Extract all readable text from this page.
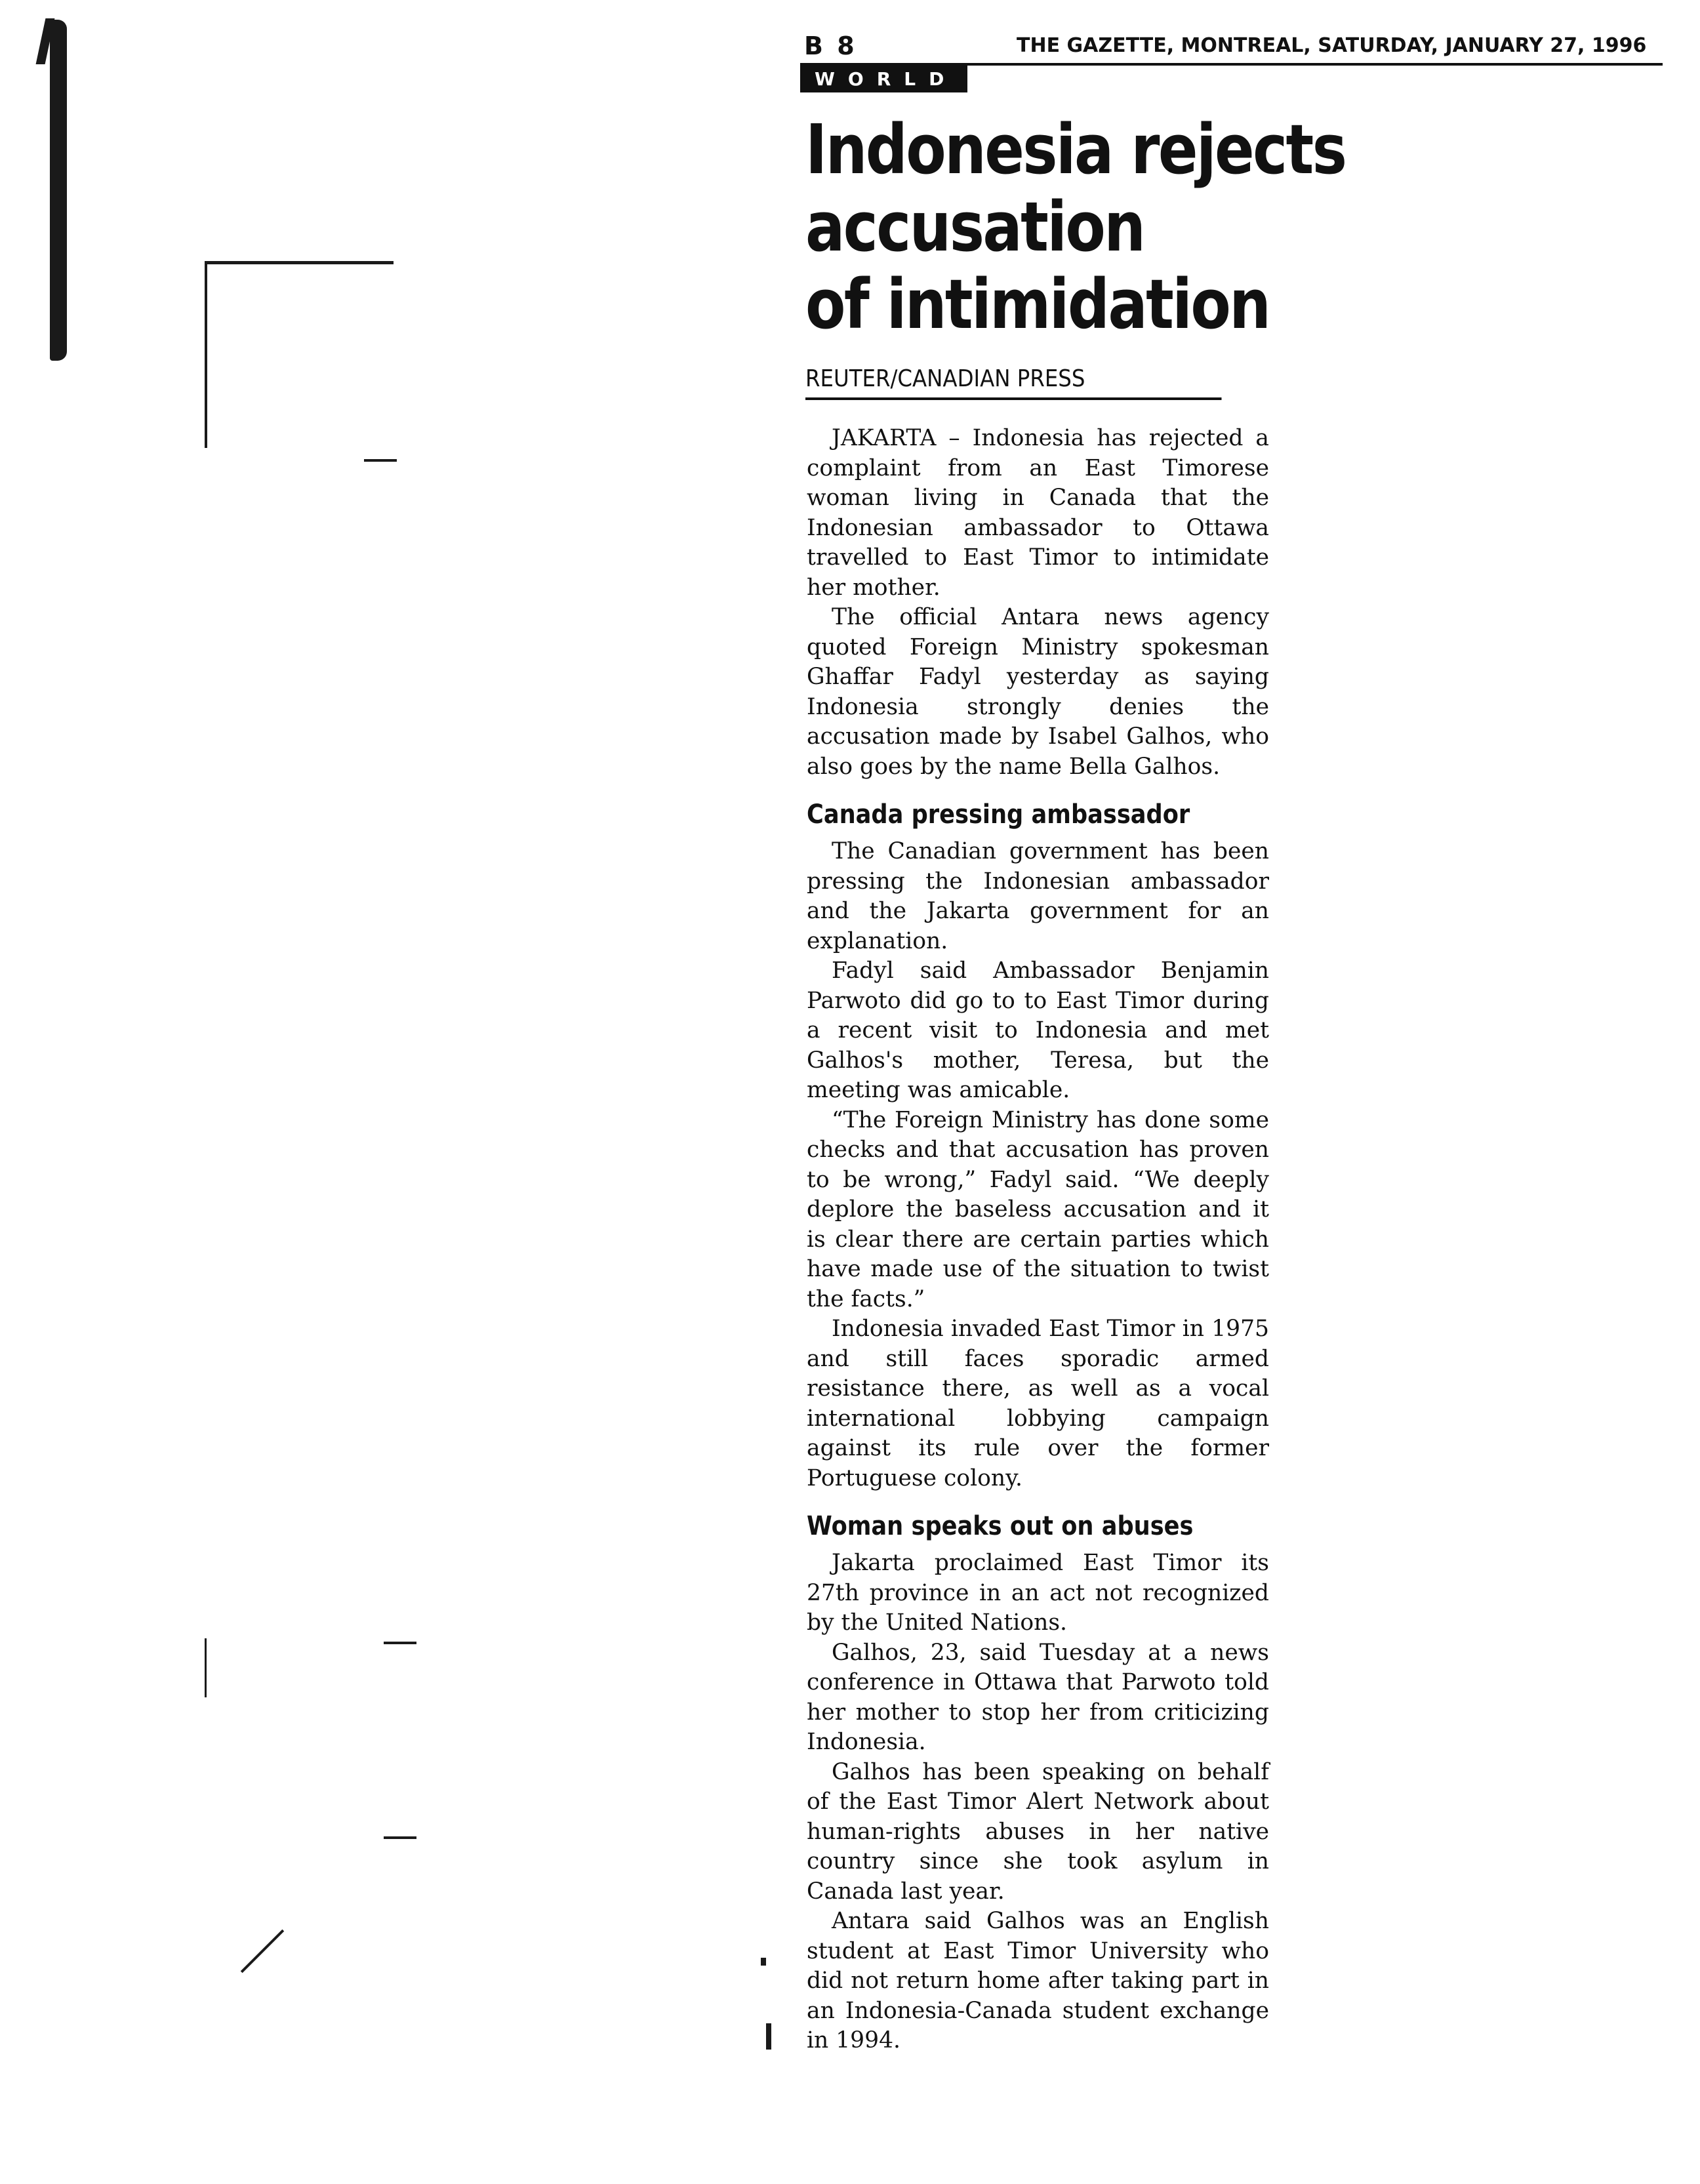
B 8	THE GAZETTE, MONTREAL, SATURDAY, JANUARY 27, 1996
WORLD
Indonesia rejects
accusation
of intimidation
REUTER/CANADIAN PRESS

JAKARTA – Indonesia has rejected a complaint from an East Timorese woman living in Canada that the Indonesian ambassador to Ottawa travelled to East Timor to intimidate her mother.

The official Antara news agency quoted Foreign Ministry spokesman Ghaffar Fadyl yesterday as saying Indonesia strongly denies the accusation made by Isabel Galhos, who also goes by the name Bella Galhos.

Canada pressing ambassador

The Canadian government has been pressing the Indonesian ambassador and the Jakarta government for an explanation.

Fadyl said Ambassador Benjamin Parwoto did go to to East Timor during a recent visit to Indonesia and met Galhos's mother, Teresa, but the meeting was amicable.

“The Foreign Ministry has done some checks and that accusation has proven to be wrong,” Fadyl said. “We deeply deplore the baseless accusation and it is clear there are certain parties which have made use of the situation to twist the facts.”

Indonesia invaded East Timor in 1975 and still faces sporadic armed resistance there, as well as a vocal international lobbying campaign against its rule over the former Portuguese colony.

Woman speaks out on abuses

Jakarta proclaimed East Timor its 27th province in an act not recognized by the United Nations.

Galhos, 23, said Tuesday at a news conference in Ottawa that Parwoto told her mother to stop her from criticizing Indonesia.

Galhos has been speaking on behalf of the East Timor Alert Network about human-rights abuses in her native country since she took asylum in Canada last year.

Antara said Galhos was an English student at East Timor University who did not return home after taking part in an Indonesia-Canada student exchange in 1994.
